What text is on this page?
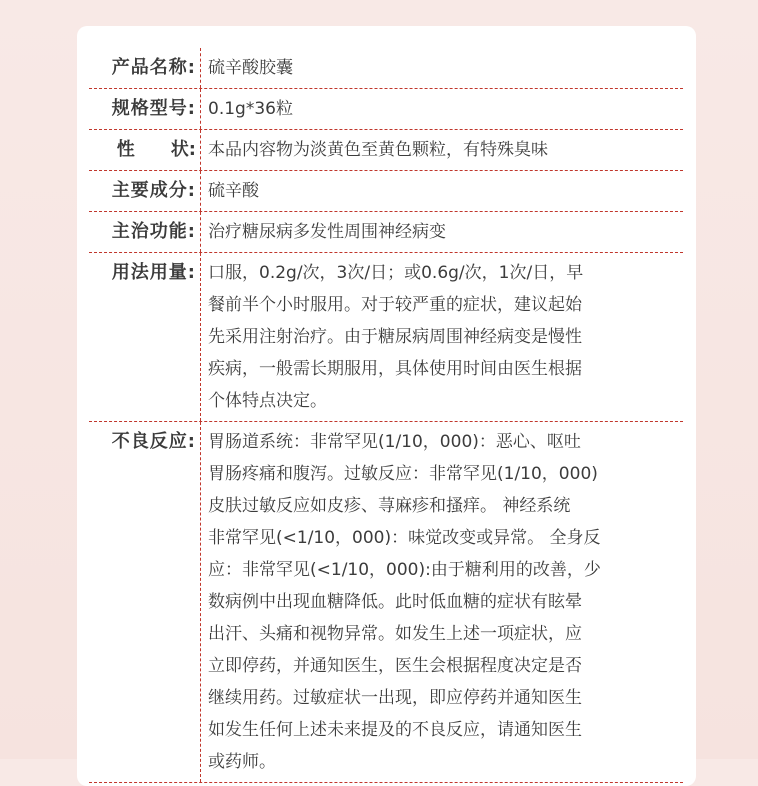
产品名称: 硫辛酸胶囊
规格型号: 0.1g*36粒
性　　状: 本品内容物为淡黄色至黄色颗粒，有特殊臭味
主要成分: 硫辛酸
主治功能: 治疗糖尿病多发性周围神经病变
用法用量: 口服，0.2g/次，3次/日；或0.6g/次，1次/日，早
餐前半个小时服用。对于较严重的症状，建议起始
先采用注射治疗。由于糖尿病周围神经病变是慢性
疾病，一般需长期服用，具体使用时间由医生根据
个体特点决定。
不良反应: 胃肠道系统：非常罕见(1/10，000)：恶心、呕吐
胃肠疼痛和腹泻。过敏反应：非常罕见(1/10，000)
皮肤过敏反应如皮疹、荨麻疹和搔痒。 神经系统
非常罕见(<1/10，000)：味觉改变或异常。 全身反
应：非常罕见(<1/10，000):由于糖利用的改善，少
数病例中出现血糖降低。此时低血糖的症状有眩晕
出汗、头痛和视物异常。如发生上述一项症状，应
立即停药，并通知医生，医生会根据程度决定是否
继续用药。过敏症状一出现，即应停药并通知医生
如发生任何上述未来提及的不良反应，请通知医生
或药师。
